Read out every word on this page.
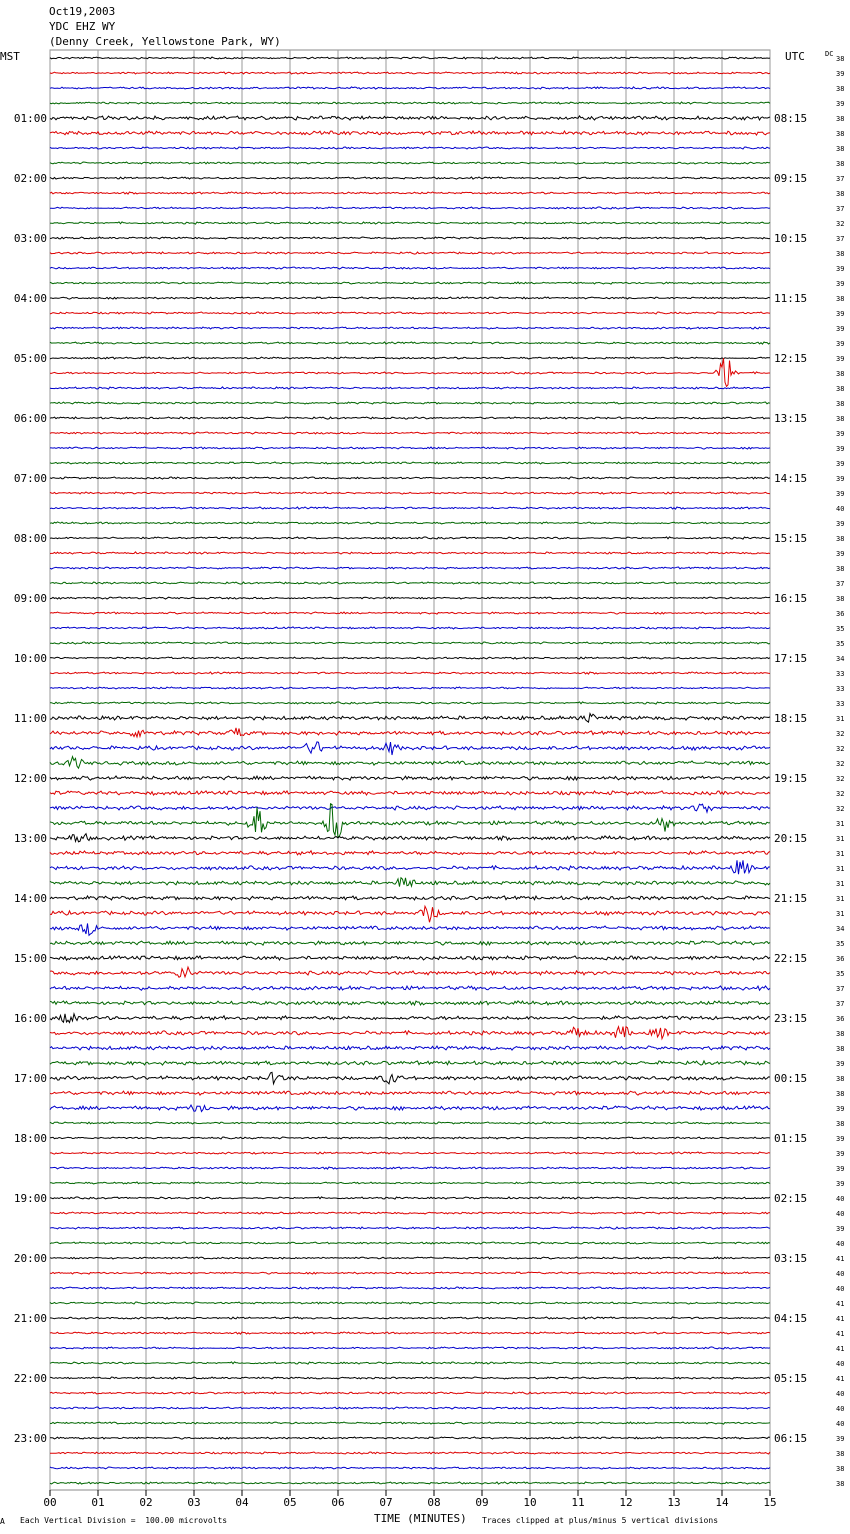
Oct19,2003
YDC EHZ WY
(Denny Creek, Yellowstone Park, WY)
MST	UTC
00	01	02	03	04	05	06	07	08	09	10	11	12	13	14	15
38
39
38
39
38
38
38
38
37
38
37
32
37
38
39
39
38
39
39
39
39
38
38
38
38
39
39
39
39
39
40
39
38
39
38
37
38
36
35
35
34
33
33
33
31
32
32
32
32
32
32
31
31
31
31
31
31
31
34
35
36
35
37
37
36
38
38
39
38
38
39
38
39
39
39
39
40
40
39
40
41
40
40
41
41
41
41
40
41
40
40
40
39
38
38
38
DC
01:00
02:00
03:00
04:00
05:00
06:00
07:00
08:00
09:00
10:00
11:00
12:00
13:00
14:00
15:00
16:00
17:00
18:00
19:00
20:00
21:00
22:00
23:00
08:15
09:15
10:15
11:15
12:15
13:15
14:15
15:15
16:15
17:15
18:15
19:15
20:15
21:15
22:15
23:15
00:15
01:15
02:15
03:15
04:15
05:15
06:15
A Each Vertical Division =  100.00 microvolts	TIME (MINUTES) Traces clipped at plus/minus 5 vertical divisions
